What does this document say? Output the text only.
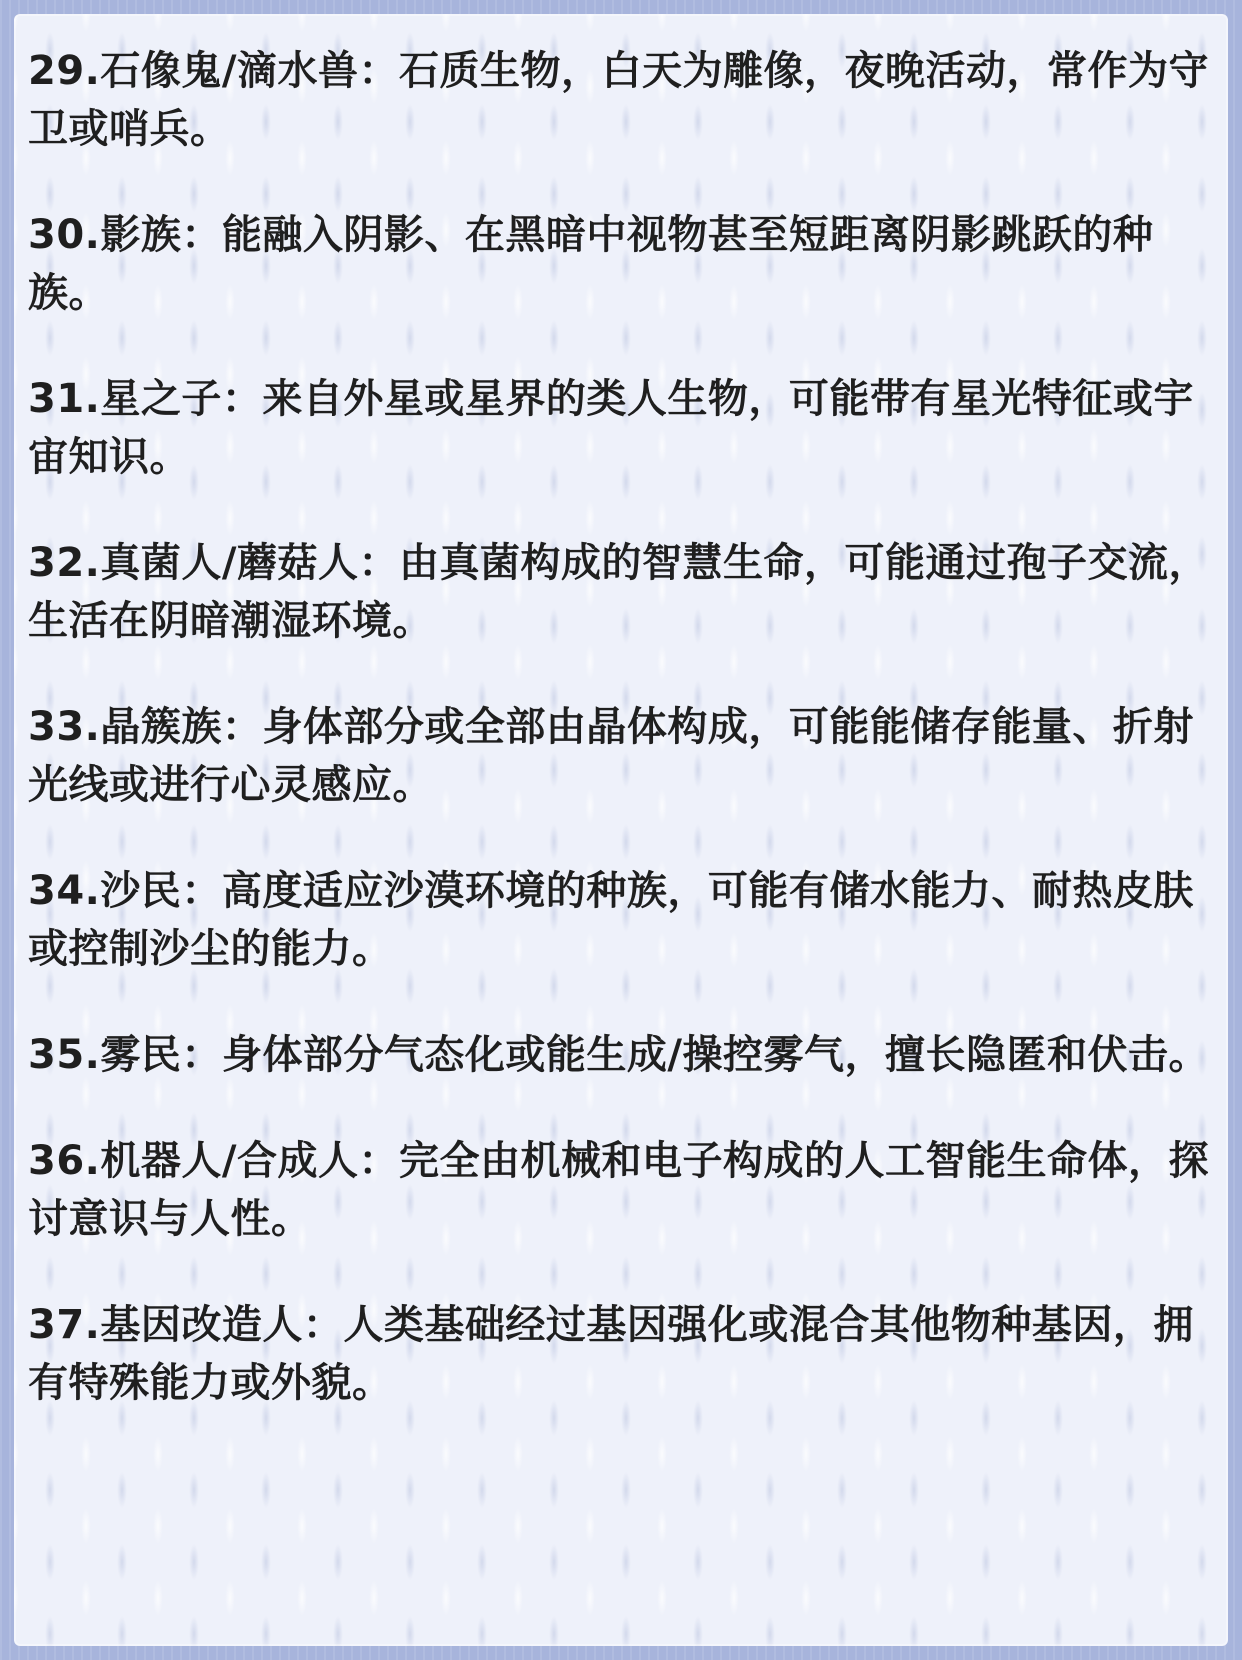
29.石像鬼/滴水兽：石质生物，白天为雕像，夜晚活动，常作为守卫或哨兵。

30.影族：能融入阴影、在黑暗中视物甚至短距离阴影跳跃的种族。

31.星之子：来自外星或星界的类人生物，可能带有星光特征或宇宙知识。

32.真菌人/蘑菇人：由真菌构成的智慧生命，可能通过孢子交流，生活在阴暗潮湿环境。

33.晶簇族：身体部分或全部由晶体构成，可能能储存能量、折射光线或进行心灵感应。

34.沙民：高度适应沙漠环境的种族，可能有储水能力、耐热皮肤或控制沙尘的能力。

35.雾民：身体部分气态化或能生成/操控雾气，擅长隐匿和伏击。

36.机器人/合成人：完全由机械和电子构成的人工智能生命体，探讨意识与人性。

37.基因改造人：人类基础经过基因强化或混合其他物种基因，拥有特殊能力或外貌。
